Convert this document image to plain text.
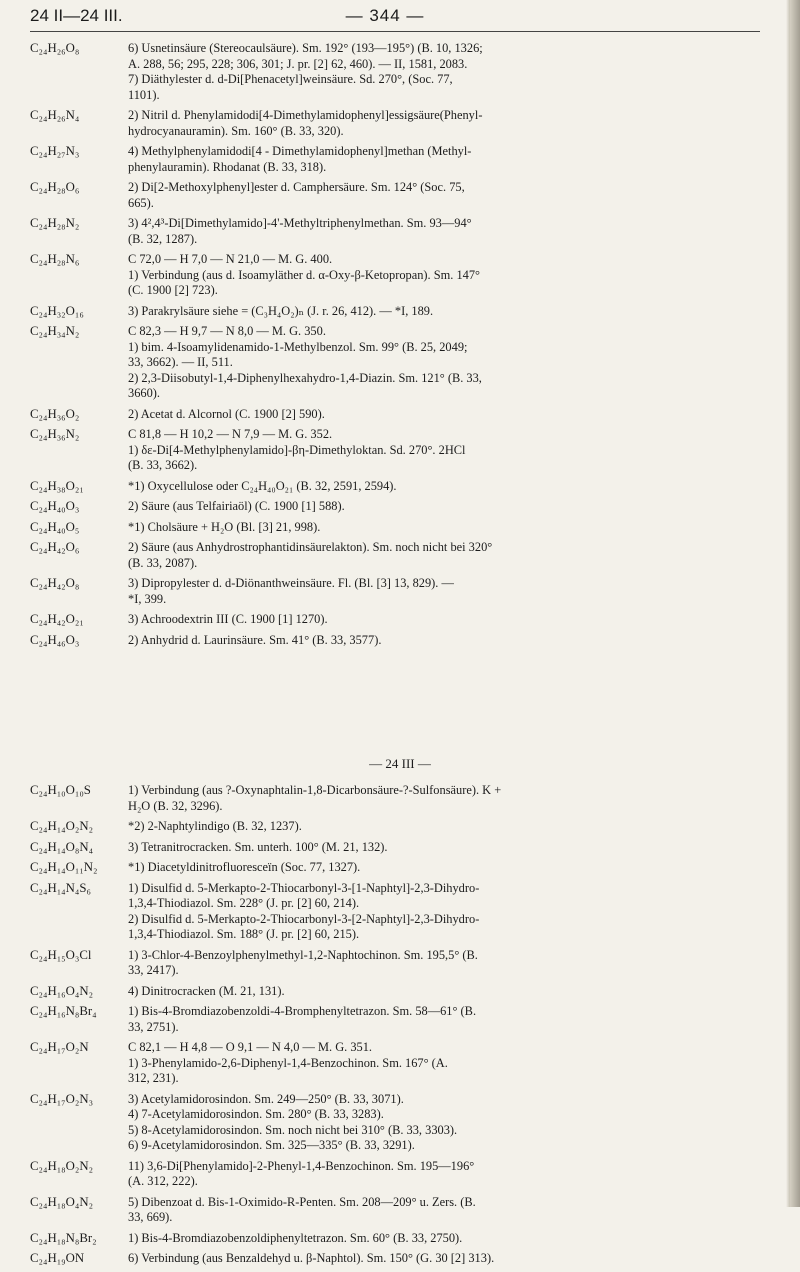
24 II—24 III.	— 344 —
C₂₄H₂₆O₈	6) Usnetinsäure (Stereocaulsäure). Sm. 192° (193—195°) (B. 10, 1326;
A. 288, 56; 295, 228; 306, 301; J. pr. [2] 62, 460). — II, 1581, 2083.
7) Diäthylester d. d-Di[Phenacetyl]weinsäure. Sd. 270°, (Soc. 77,
1101).
C₂₄H₂₆N₄	2) Nitril d. Phenylamidodi[4-Dimethylamidophenyl]essigsäure(Phenyl-
hydrocyanauramin). Sm. 160° (B. 33, 320).
C₂₄H₂₇N₃	4) Methylphenylamidodi[4 - Dimethylamidophenyl]methan (Methyl-
phenylauramin). Rhodanat (B. 33, 318).
C₂₄H₂₈O₆	2) Di[2-Methoxylphenyl]ester d. Camphersäure. Sm. 124° (Soc. 75,
665).
C₂₄H₂₈N₂	3) 4²,4³-Di[Dimethylamido]-4'-Methyltriphenylmethan. Sm. 93—94°
(B. 32, 1287).
C₂₄H₂₈N₆	C 72,0 — H 7,0 — N 21,0 — M. G. 400.
1) Verbindung (aus d. Isoamyläther d. α-Oxy-β-Ketopropan). Sm. 147°
(C. 1900 [2] 723).
C₂₄H₃₂O₁₆	3) Parakrylsäure siehe = (C₃H₄O₂)ₙ (J. r. 26, 412). — *I, 189.
C₂₄H₃₄N₂	C 82,3 — H 9,7 — N 8,0 — M. G. 350.
1) bim. 4-Isoamylidenamido-1-Methylbenzol. Sm. 99° (B. 25, 2049;
33, 3662). — II, 511.
2) 2,3-Diisobutyl-1,4-Diphenylhexahydro-1,4-Diazin. Sm. 121° (B. 33,
3660).
C₂₄H₃₆O₂	2) Acetat d. Alcornol (C. 1900 [2] 590).
C₂₄H₃₆N₂	C 81,8 — H 10,2 — N 7,9 — M. G. 352.
1) δε-Di[4-Methylphenylamido]-βη-Dimethyloktan. Sd. 270°. 2HCl
(B. 33, 3662).
C₂₄H₃₈O₂₁	*1) Oxycellulose oder C₂₄H₄₀O₂₁ (B. 32, 2591, 2594).
C₂₄H₄₀O₃	2) Säure (aus Telfairiaöl) (C. 1900 [1] 588).
C₂₄H₄₀O₅	*1) Cholsäure + H₂O (Bl. [3] 21, 998).
C₂₄H₄₂O₆	2) Säure (aus Anhydrostrophantidinsäurelakton). Sm. noch nicht bei 320°
(B. 33, 2087).
C₂₄H₄₂O₈	3) Dipropylester d. d-Diönanthweinsäure. Fl. (Bl. [3] 13, 829). —
*I, 399.
C₂₄H₄₂O₂₁	3) Achroodextrin III (C. 1900 [1] 1270).
C₂₄H₄₆O₃	2) Anhydrid d. Laurinsäure. Sm. 41° (B. 33, 3577).
— 24 III —
C₂₄H₁₀O₁₀S	1) Verbindung (aus ?-Oxynaphtalin-1,8-Dicarbonsäure-?-Sulfonsäure). K +
H₂O (B. 32, 3296).
C₂₄H₁₄O₂N₂	*2) 2-Naphtylindigo (B. 32, 1237).
C₂₄H₁₄O₈N₄	3) Tetranitrocracken. Sm. unterh. 100° (M. 21, 132).
C₂₄H₁₄O₁₁N₂	*1) Diacetyldinitrofluoresceïn (Soc. 77, 1327).
C₂₄H₁₄N₄S₆	1) Disulfid d. 5-Merkapto-2-Thiocarbonyl-3-[1-Naphtyl]-2,3-Dihydro-
1,3,4-Thiodiazol. Sm. 228° (J. pr. [2] 60, 214).
2) Disulfid d. 5-Merkapto-2-Thiocarbonyl-3-[2-Naphtyl]-2,3-Dihydro-
1,3,4-Thiodiazol. Sm. 188° (J. pr. [2] 60, 215).
C₂₄H₁₅O₃Cl	1) 3-Chlor-4-Benzoylphenylmethyl-1,2-Naphtochinon. Sm. 195,5° (B.
33, 2417).
C₂₄H₁₆O₄N₂	4) Dinitrocracken (M. 21, 131).
C₂₄H₁₆N₈Br₄	1) Bis-4-Bromdiazobenzoldi-4-Bromphenyltetrazon. Sm. 58—61° (B.
33, 2751).
C₂₄H₁₇O₂N	C 82,1 — H 4,8 — O 9,1 — N 4,0 — M. G. 351.
1) 3-Phenylamido-2,6-Diphenyl-1,4-Benzochinon. Sm. 167° (A.
312, 231).
C₂₄H₁₇O₂N₃	3) Acetylamidorosindon. Sm. 249—250° (B. 33, 3071).
4) 7-Acetylamidorosindon. Sm. 280° (B. 33, 3283).
5) 8-Acetylamidorosindon. Sm. noch nicht bei 310° (B. 33, 3303).
6) 9-Acetylamidorosindon. Sm. 325—335° (B. 33, 3291).
C₂₄H₁₈O₂N₂	11) 3,6-Di[Phenylamido]-2-Phenyl-1,4-Benzochinon. Sm. 195—196°
(A. 312, 222).
C₂₄H₁₈O₄N₂	5) Dibenzoat d. Bis-1-Oximido-R-Penten. Sm. 208—209° u. Zers. (B.
33, 669).
C₂₄H₁₈N₈Br₂	1) Bis-4-Bromdiazobenzoldiphenyltetrazon. Sm. 60° (B. 33, 2750).
C₂₄H₁₉ON	6) Verbindung (aus Benzaldehyd u. β-Naphtol). Sm. 150° (G. 30 [2] 313).
